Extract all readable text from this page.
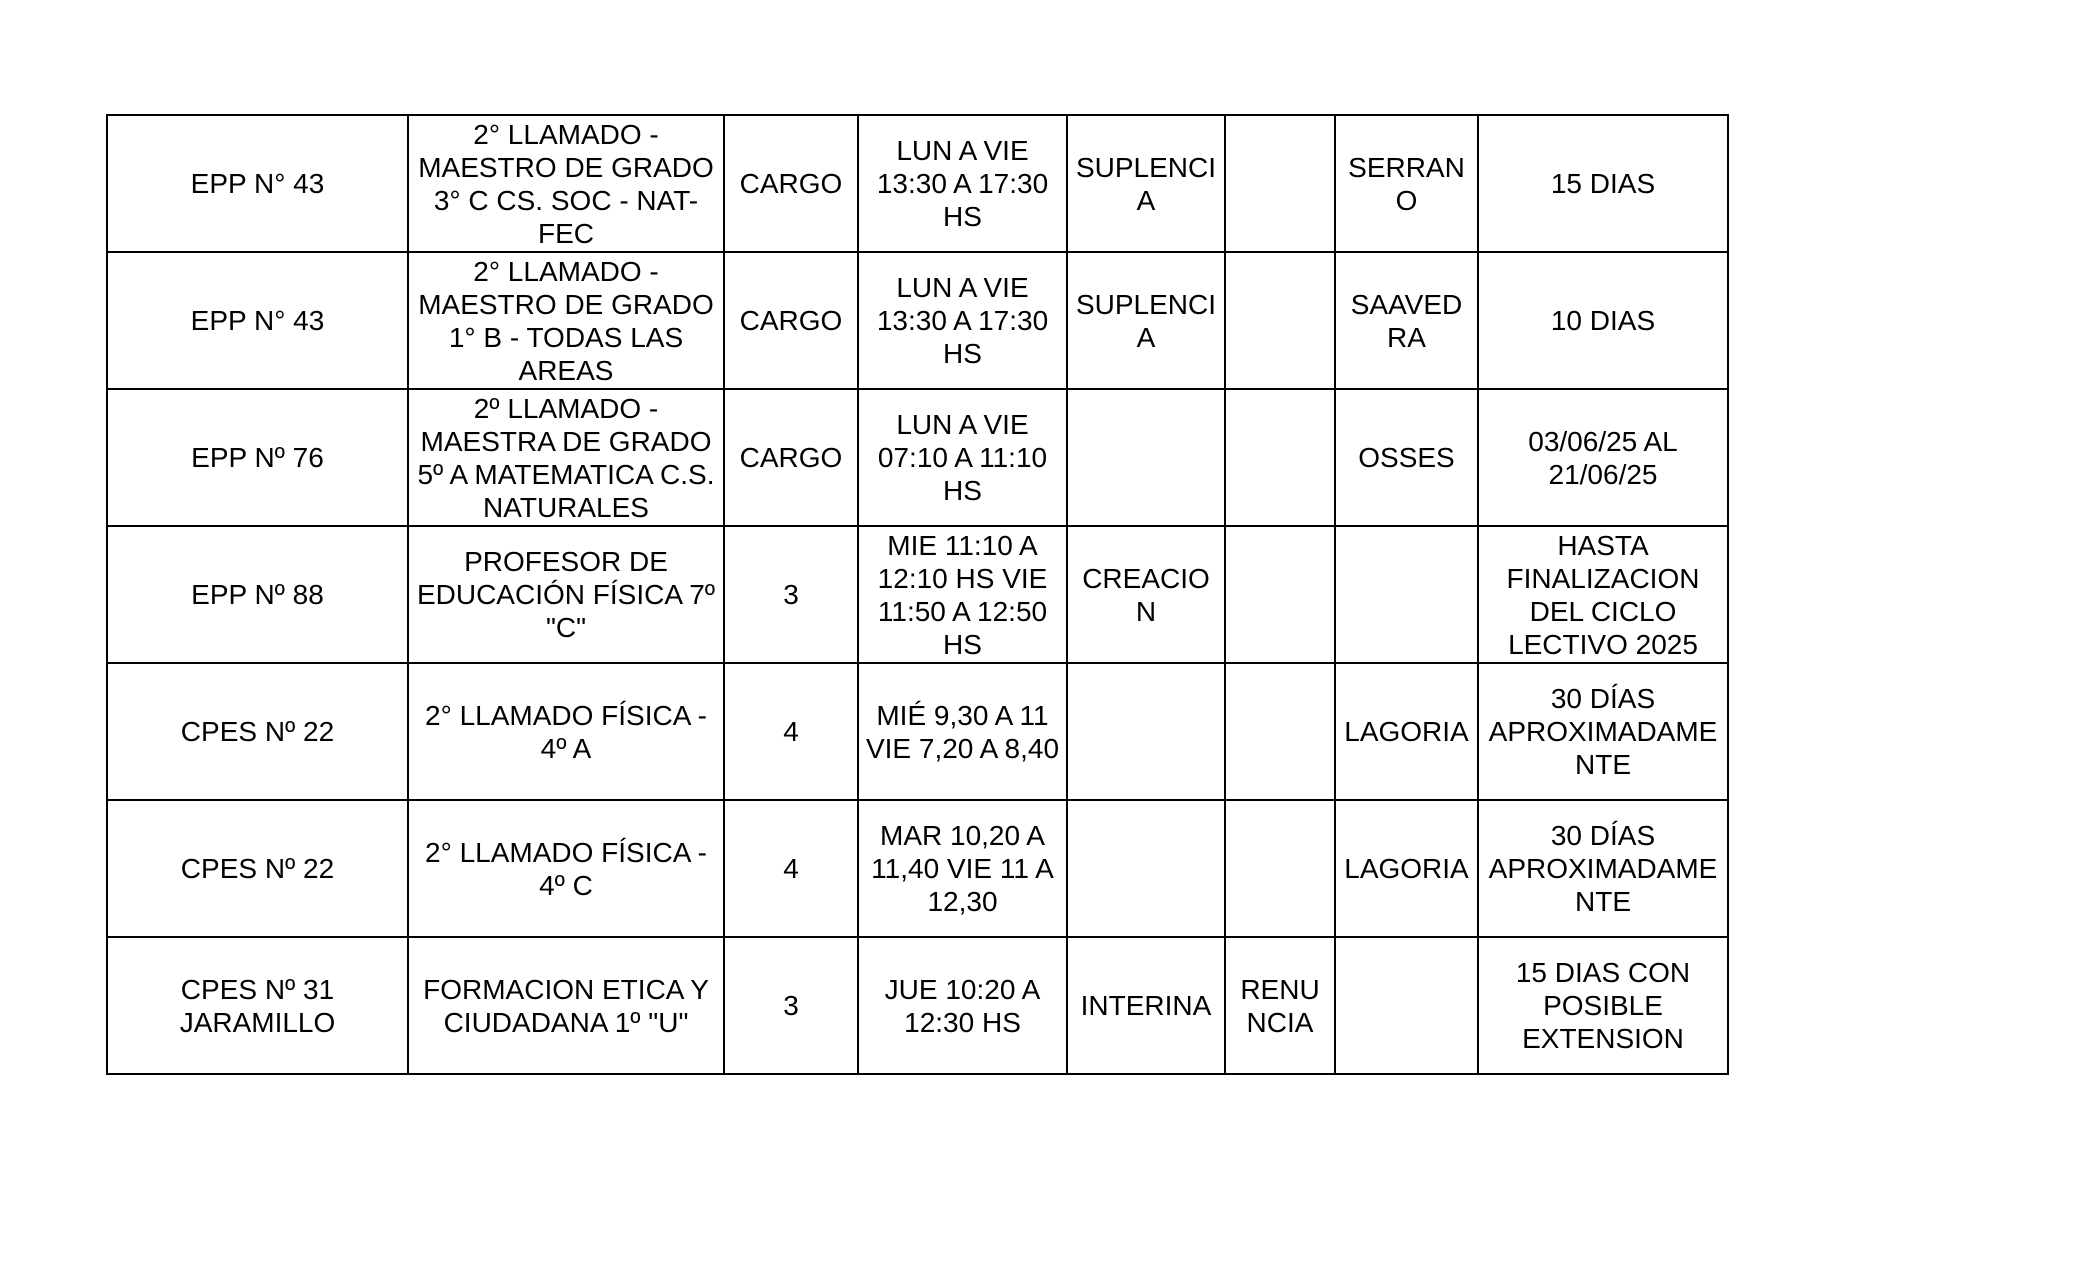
EPP N° 43	2° LLAMADO - MAESTRO DE GRADO 3° C CS. SOC - NAT-FEC	CARGO	LUN A VIE 13:30 A 17:30 HS	SUPLENCIA		SERRANO	15 DIAS
EPP N° 43	2° LLAMADO - MAESTRO DE GRADO 1° B - TODAS LAS AREAS	CARGO	LUN A VIE 13:30 A 17:30 HS	SUPLENCIA		SAAVEDRA	10 DIAS
EPP Nº 76	2º LLAMADO - MAESTRA DE GRADO 5º A MATEMATICA C.S. NATURALES	CARGO	LUN A VIE 07:10 A 11:10 HS			OSSES	03/06/25 AL 21/06/25
EPP Nº 88	PROFESOR DE EDUCACIÓN FÍSICA 7º "C"	3	MIE 11:10 A 12:10 HS VIE 11:50 A 12:50 HS	CREACION			HASTA FINALIZACION DEL CICLO LECTIVO 2025
CPES Nº 22	2° LLAMADO FÍSICA - 4º A	4	MIÉ 9,30 A 11 VIE 7,20 A 8,40			LAGORIA	30 DÍAS APROXIMADAMENTE
CPES Nº 22	2° LLAMADO FÍSICA - 4º C	4	MAR 10,20 A 11,40 VIE 11 A 12,30			LAGORIA	30 DÍAS APROXIMADAMENTE
CPES Nº 31 JARAMILLO	FORMACION ETICA Y CIUDADANA 1º "U"	3	JUE 10:20 A 12:30 HS	INTERINA	RENUNCIA		15 DIAS CON POSIBLE EXTENSION
